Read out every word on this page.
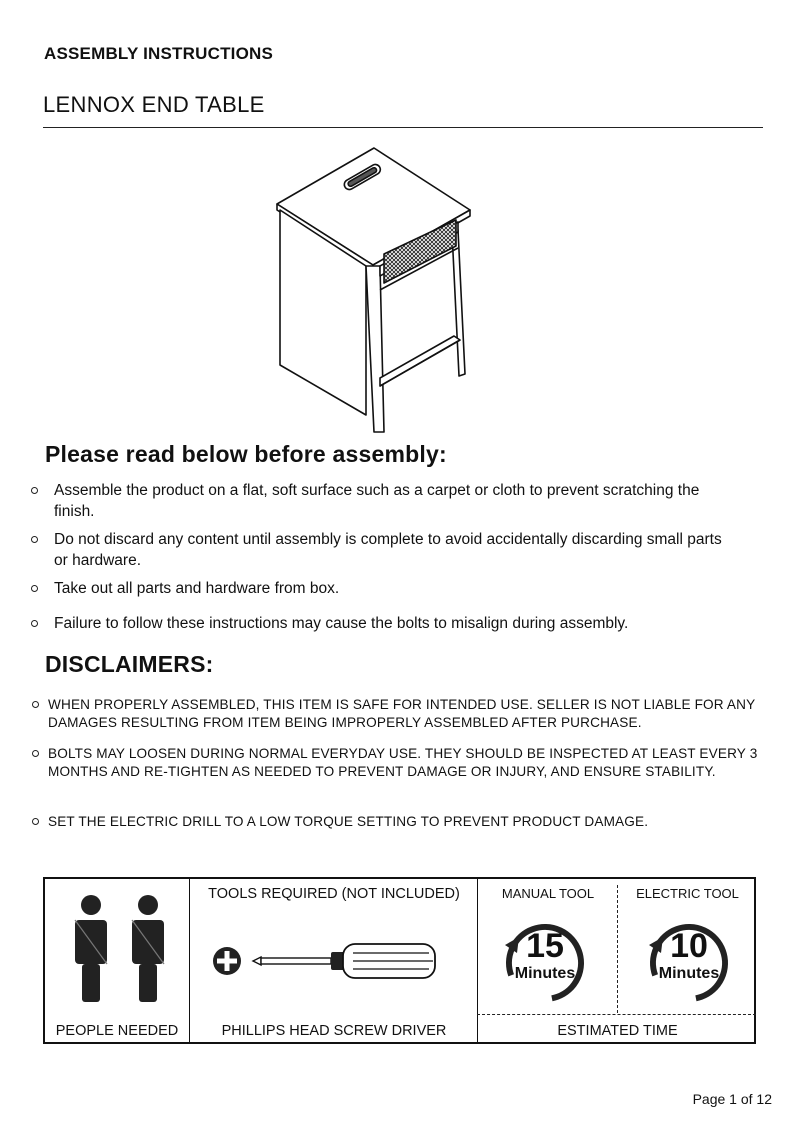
ASSEMBLY INSTRUCTIONS
LENNOX END TABLE
Please read below before assembly:
Assemble the product on a flat, soft surface such as a carpet or cloth to prevent scratching the finish.
Do not discard any content until assembly is complete to avoid accidentally discarding small parts or hardware.
Take out all parts and hardware from box.
Failure to follow these instructions may cause the bolts to misalign during assembly.
DISCLAIMERS:
WHEN PROPERLY ASSEMBLED, THIS ITEM IS SAFE FOR INTENDED USE. SELLER IS NOT LIABLE FOR ANY DAMAGES RESULTING FROM ITEM BEING IMPROPERLY ASSEMBLED AFTER PURCHASE.
BOLTS MAY LOOSEN DURING NORMAL EVERYDAY USE. THEY SHOULD BE INSPECTED AT LEAST EVERY 3 MONTHS AND RE-TIGHTEN AS NEEDED TO PREVENT DAMAGE OR INJURY, AND ENSURE STABILITY.
SET THE ELECTRIC DRILL TO A LOW TORQUE SETTING TO PREVENT PRODUCT DAMAGE.
PEOPLE NEEDED
TOOLS REQUIRED (NOT INCLUDED)
PHILLIPS HEAD SCREW DRIVER
MANUAL TOOL	ELECTRIC TOOL
15
Minutes
10
Minutes
ESTIMATED TIME
Page 1 of 12
